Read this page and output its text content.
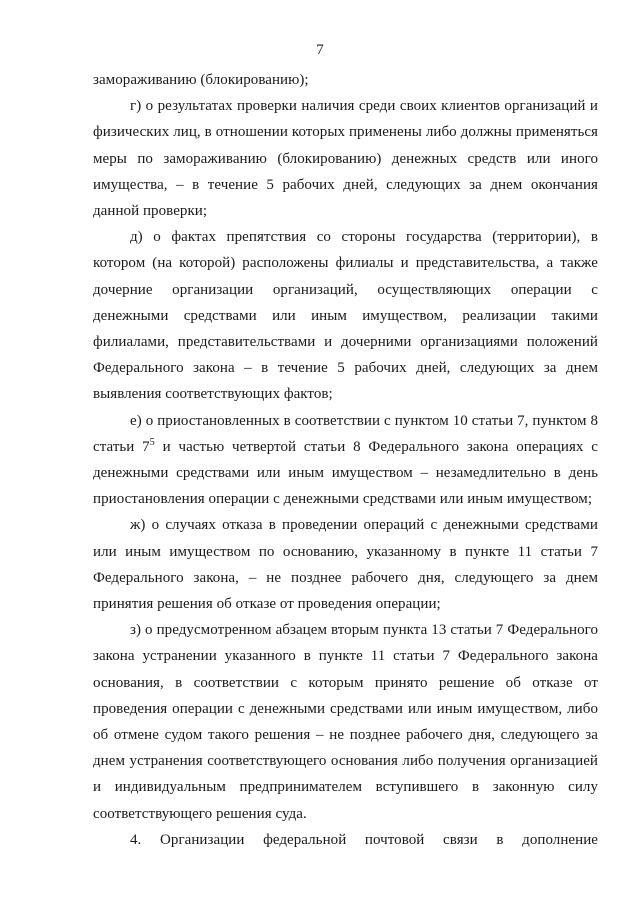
7

замораживанию (блокированию);

г) о результатах проверки наличия среди своих клиентов организаций и физических лиц, в отношении которых применены либо должны применяться меры по замораживанию (блокированию) денежных средств или иного имущества, – в течение 5 рабочих дней, следующих за днем окончания данной проверки;

д) о фактах препятствия со стороны государства (территории), в котором (на которой) расположены филиалы и представительства, а также дочерние организации организаций, осуществляющих операции с денежными средствами или иным имуществом, реализации такими филиалами, представительствами и дочерними организациями положений Федерального закона – в течение 5 рабочих дней, следующих за днем выявления соответствующих фактов;

е) о приостановленных в соответствии с пунктом 10 статьи 7, пунктом 8 статьи $7^5$ и частью четвертой статьи 8 Федерального закона операциях с денежными средствами или иным имуществом – незамедлительно в день приостановления операции с денежными средствами или иным имуществом;

ж) о случаях отказа в проведении операций с денежными средствами или иным имуществом по основанию, указанному в пункте 11 статьи 7 Федерального закона, – не позднее рабочего дня, следующего за днем принятия решения об отказе от проведения операции;

з) о предусмотренном абзацем вторым пункта 13 статьи 7 Федерального закона устранении указанного в пункте 11 статьи 7 Федерального закона основания, в соответствии с которым принято решение об отказе от проведения операции с денежными средствами или иным имуществом, либо об отмене судом такого решения – не позднее рабочего дня, следующего за днем устранения соответствующего основания либо получения организацией и индивидуальным предпринимателем вступившего в законную силу соответствующего решения суда.

4. Организации федеральной почтовой связи в дополнение
